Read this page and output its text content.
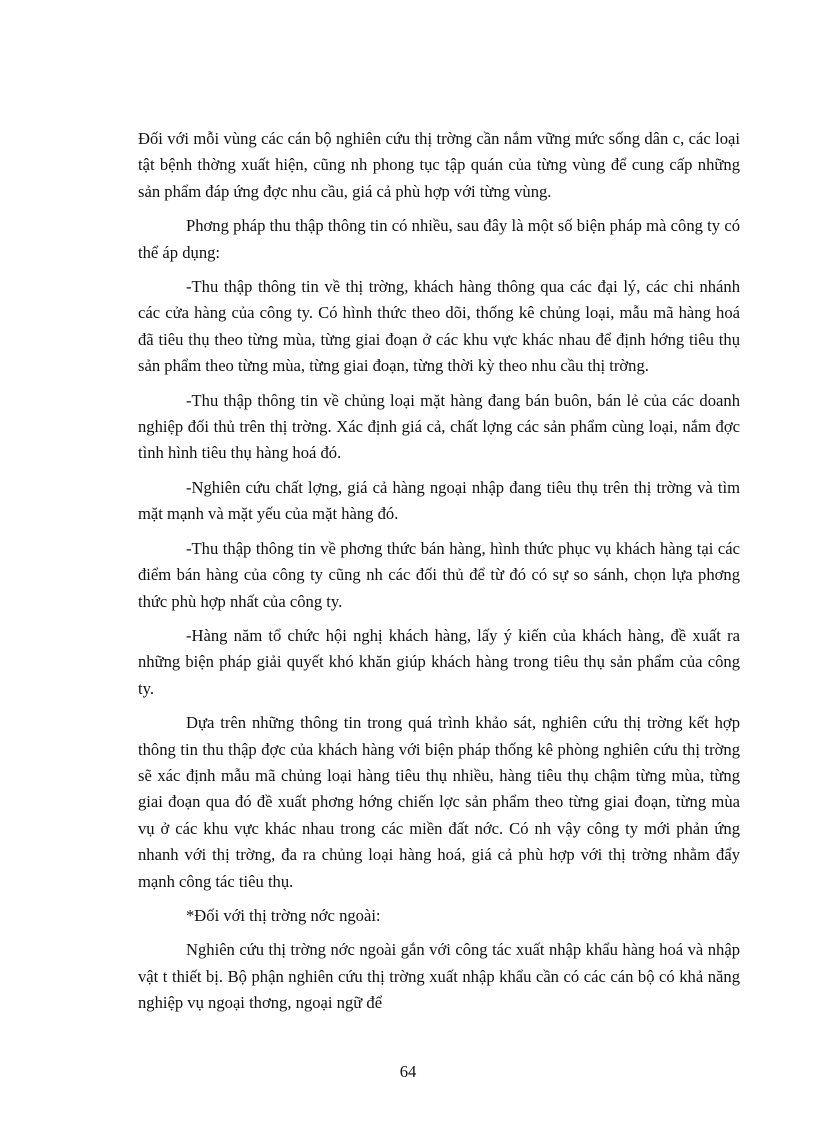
Đối với mỗi vùng các cán bộ nghiên cứu thị trờng cần nắm vững mức sống dân c, các loại tật bệnh thờng xuất hiện, cũng nh phong tục tập quán của từng vùng để cung cấp những sản phẩm đáp ứng đợc nhu cầu, giá cả phù hợp với từng vùng.

Phơng pháp thu thập thông tin có nhiều, sau đây là một số biện pháp mà công ty có thể áp dụng:

-Thu thập thông tin về thị trờng, khách hàng thông qua các đại lý, các chi nhánh các cửa hàng của công ty. Có hình thức theo dõi, thống kê chủng loại, mẫu mã hàng hoá đã tiêu thụ theo từng mùa, từng giai đoạn ở các khu vực khác nhau để định hớng tiêu thụ sản phẩm theo từng mùa, từng giai đoạn, từng thời kỳ theo nhu cầu thị trờng.

-Thu thập thông tin về chủng loại mặt hàng đang bán buôn, bán lẻ của các doanh nghiệp đối thủ trên thị trờng. Xác định giá cả, chất lợng các sản phẩm cùng loại, nắm đợc tình hình tiêu thụ hàng hoá đó.

-Nghiên cứu chất lợng, giá cả hàng ngoại nhập đang tiêu thụ trên thị trờng và tìm mặt mạnh và mặt yếu của mặt hàng đó.

-Thu thập thông tin về phơng thức bán hàng, hình thức phục vụ khách hàng tại các điểm bán hàng của công ty cũng nh các đối thủ để từ đó có sự so sánh, chọn lựa phơng thức phù hợp nhất của công ty.

-Hàng năm tổ chức hội nghị khách hàng, lấy ý kiến của khách hàng, đề xuất ra những biện pháp giải quyết khó khăn giúp khách hàng trong tiêu thụ sản phẩm của công ty.

Dựa trên những thông tin trong quá trình khảo sát, nghiên cứu thị trờng kết hợp thông tin thu thập đợc của khách hàng với biện pháp thống kê phòng nghiên cứu thị trờng sẽ xác định mẫu mã chủng loại hàng tiêu thụ nhiều, hàng tiêu thụ chậm từng mùa, từng giai đoạn qua đó đề xuất phơng hớng chiến lợc sản phẩm theo từng giai đoạn, từng mùa vụ ở các khu vực khác nhau trong các miền đất nớc. Có nh vậy công ty mới phản ứng nhanh với thị trờng, đa ra chủng loại hàng hoá, giá cả phù hợp với thị trờng nhằm đẩy mạnh công tác tiêu thụ.

*Đối với thị trờng nớc ngoài:

Nghiên cứu thị trờng nớc ngoài gắn với công tác xuất nhập khẩu hàng hoá và nhập vật t thiết bị. Bộ phận nghiên cứu thị trờng xuất nhập khẩu cần có các cán bộ có khả năng nghiệp vụ ngoại thơng, ngoại ngữ để

64
